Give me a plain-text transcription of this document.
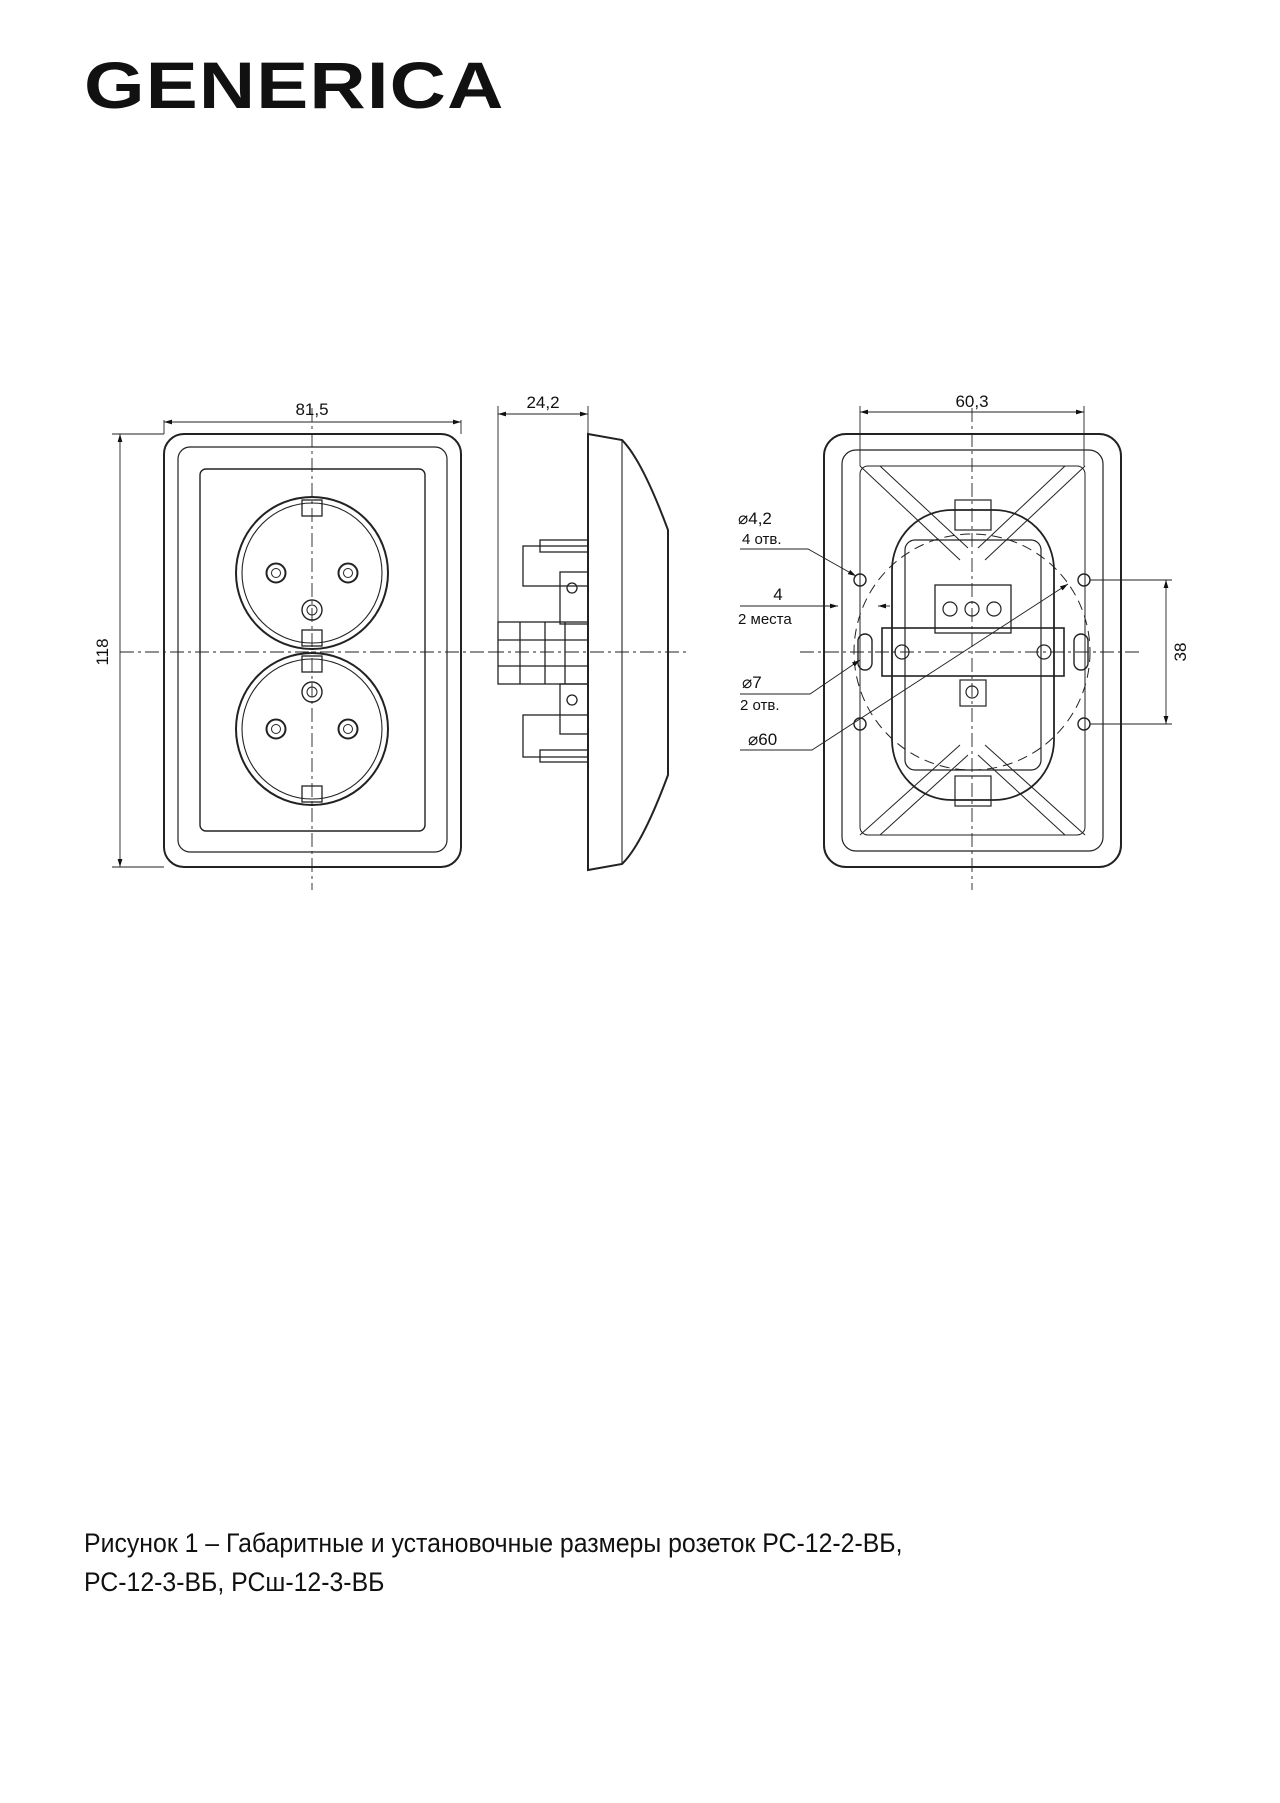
GENERICA
81,5
118
24,2	60,3
38
⌀4,2
4 отв.
4
2 места
⌀7
2 отв.
⌀60
Рисунок 1 – Габаритные и установочные размеры розеток РС-12-2-ВБ,
РС-12-3-ВБ, РСш-12-3-ВБ
